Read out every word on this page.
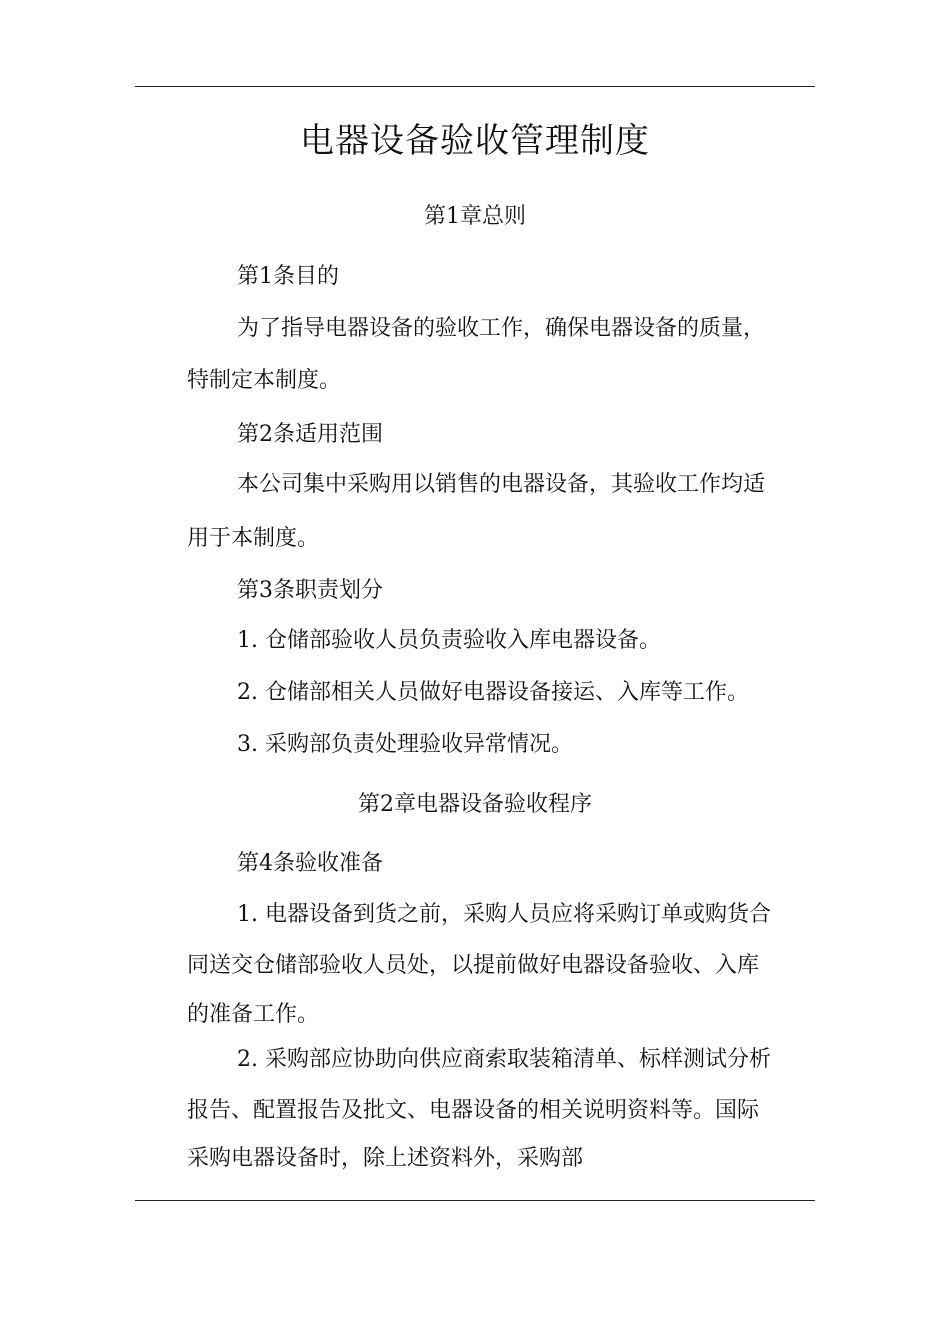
电器设备验收管理制度
第1章总则
第1条目的
为了指导电器设备的验收工作，确保电器设备的质量，
特制定本制度。
第2条适用范围
本公司集中采购用以销售的电器设备，其验收工作均适
用于本制度。
第3条职责划分
1. 仓储部验收人员负责验收入库电器设备。
2. 仓储部相关人员做好电器设备接运、入库等工作。
3. 采购部负责处理验收异常情况。
第2章电器设备验收程序
第4条验收准备
1. 电器设备到货之前，采购人员应将采购订单或购货合
同送交仓储部验收人员处，以提前做好电器设备验收、入库
的准备工作。
2. 采购部应协助向供应商索取装箱清单、标样测试分析
报告、配置报告及批文、电器设备的相关说明资料等。国际
采购电器设备时，除上述资料外，采购部
